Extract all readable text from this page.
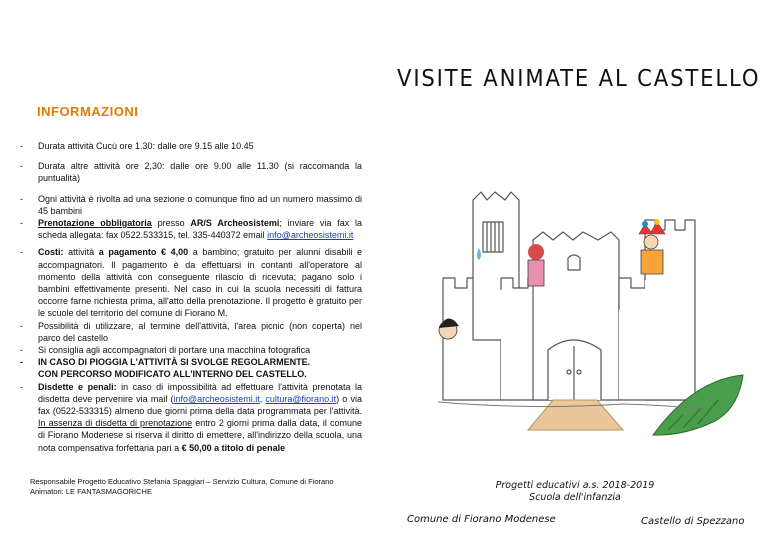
VISITE ANIMATE AL CASTELLO
INFORMAZIONI
- Durata attività Cucù ore 1.30: dalle ore 9.15 alle 10.45
- Durata altre attività ore 2,30: dalle ore 9.00 alle 11.30 (si raccomanda la puntualità)
- Ogni attività è rivolta ad una sezione o comunque fino ad un numero massimo di 45 bambini
- Prenotazione obbligatoria presso AR/S Archeosistemi; inviare via fax la scheda allegata: fax 0522.533315, tel. 335-440372 email info@archeosistemi.it
- Costi: attività a pagamento € 4,00 a bambino; gratuito per alunni disabili e accompagnatori. Il pagamento è da effettuarsi in contanti all'operatore al momento della attività con conseguente rilascio di ricevuta; pagano solo i bambini effettivamente presenti. Nel caso in cui la scuola necessiti di fattura occorre farne richiesta prima, all'atto della prenotazione. Il progetto è gratuito per le scuole del territorio del comune di Fiorano M.
- Possibilità di utilizzare, al termine dell'attività, l'area picnic (non coperta) nel parco del castello
- Si consiglia agli accompagnatori di portare una macchina fotografica
- IN CASO DI PIOGGIA L'ATTIVITÀ SI SVOLGE REGOLARMENTE.
CON PERCORSO MODIFICATO ALL'INTERNO DEL CASTELLO.
- Disdette e penali: in caso di impossibilità ad effettuare l'attività prenotata la disdetta deve pervenire via mail (info@archeosistemi.it, cultura@fiorano.it) o via fax (0522-533315) almeno due giorni prima della data programmata per l'attività. In assenza di disdetta di prenotazione entro 2 giorni prima dalla data, il comune di Fiorano Modenese si riserva il diritto di emettere, all'indirizzo della scuola, una nota compensativa forfettaria pari a € 50,00 a titolo di penale
Responsabile Progetto Educativo Stefania Spaggiari – Servizio Cultura, Comune di Fiorano
Animatori: LE FANTASMAGORICHE
Progetti educativi a.s. 2018-2019
Scuola dell'infanzia
Comune di Fiorano Modenese	Castello di Spezzano
